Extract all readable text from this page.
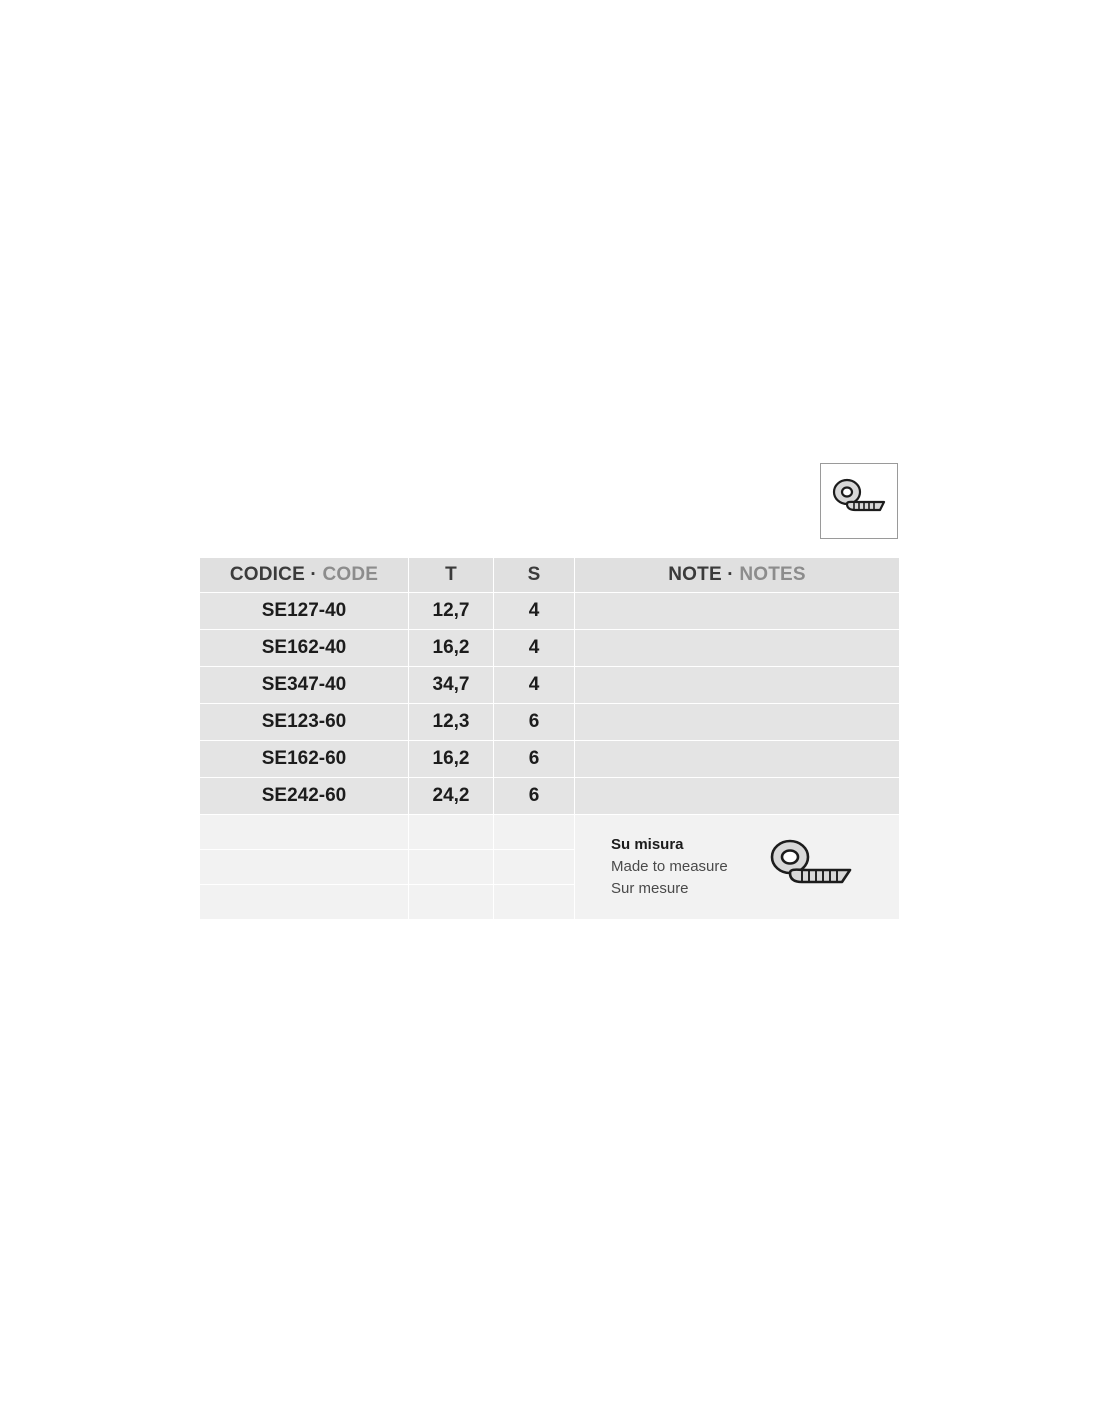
CODICE · CODE	T	S	NOTE · NOTES
SE127-40	12,7	4	
SE162-40	16,2	4	
SE347-40	34,7	4	
SE123-60	12,3	6	
SE162-60	16,2	6	
SE242-60	24,2	6	

			Su misura
Made to measure
Sur mesure
